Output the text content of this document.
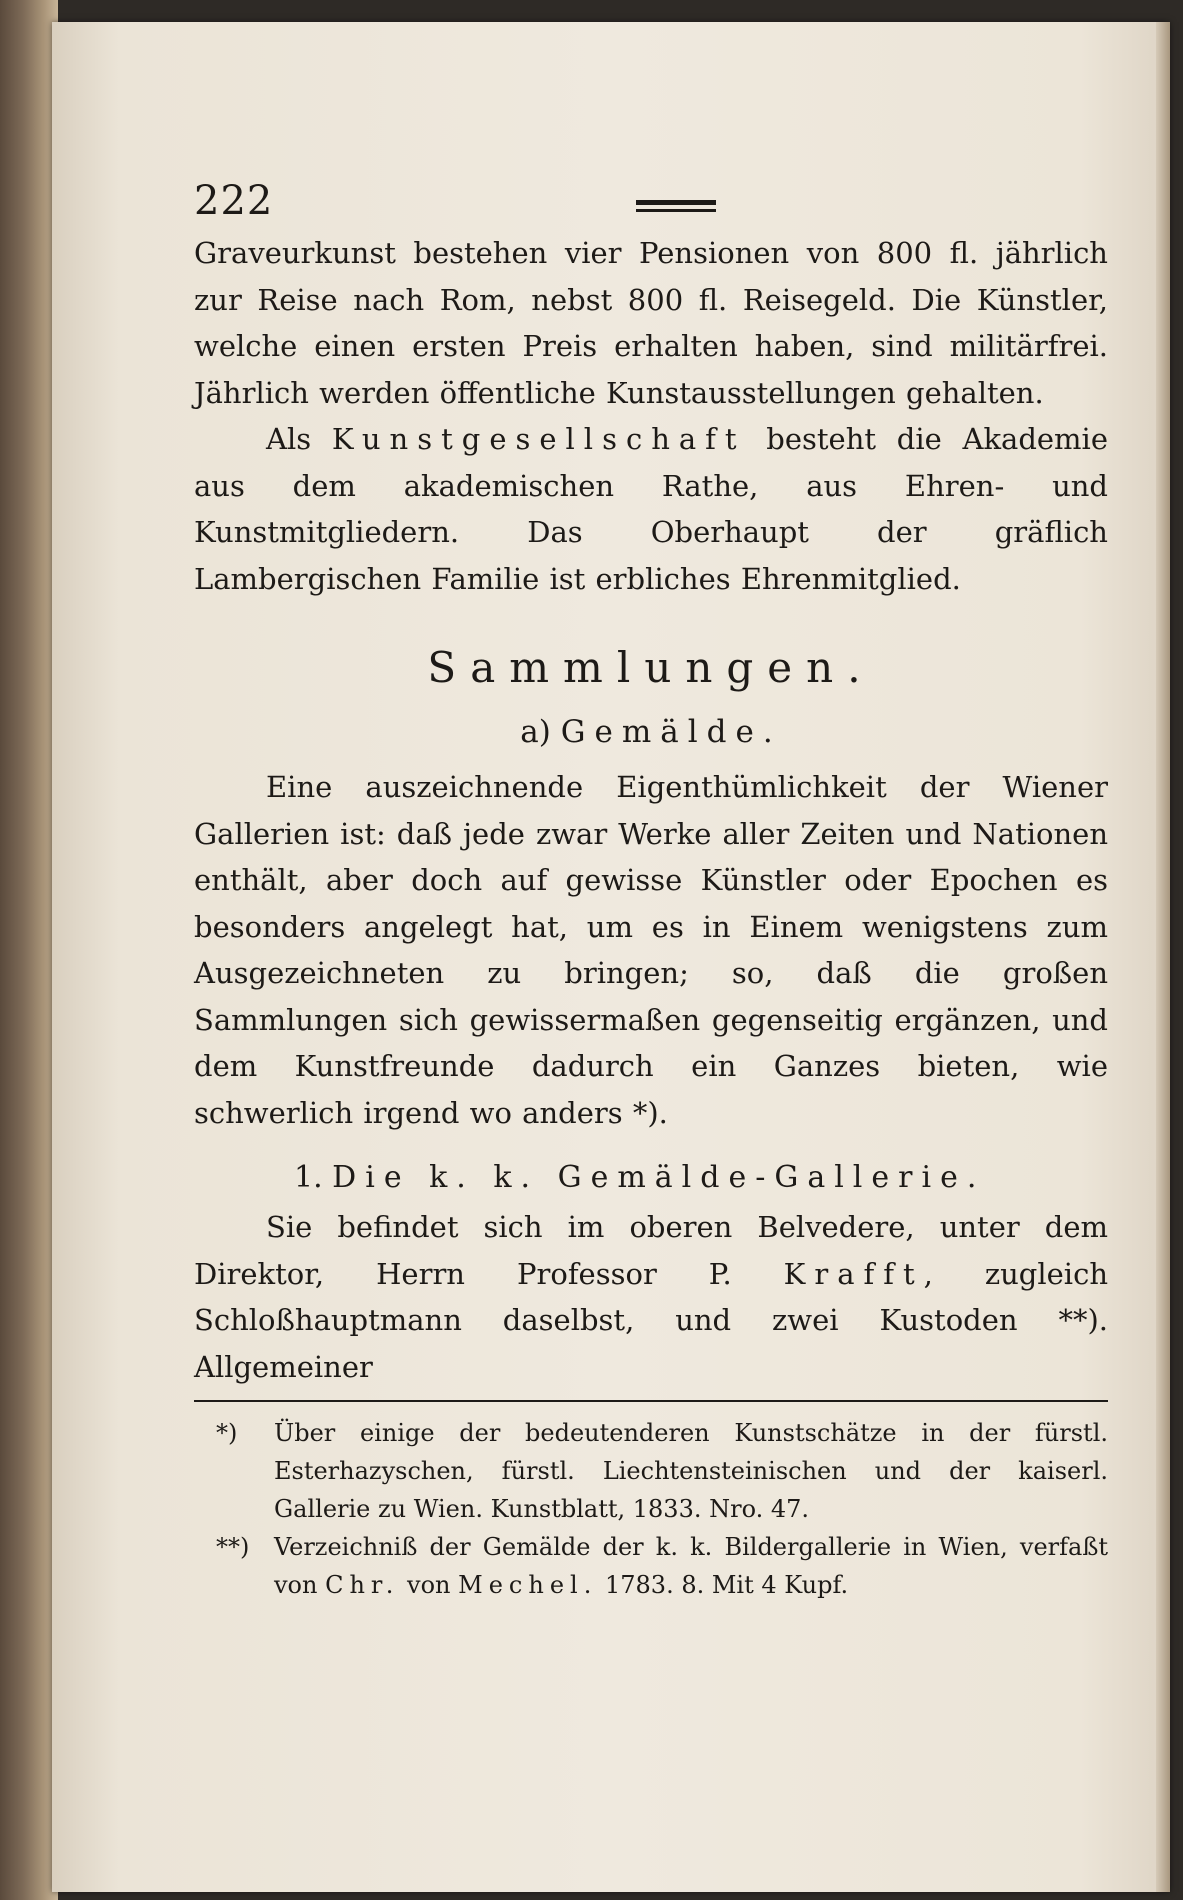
222

Graveurkunst bestehen vier Pensionen von 800 fl. jährlich zur Reise nach Rom, nebst 800 fl. Reisegeld. Die Künstler, welche einen ersten Preis erhalten haben, sind militärfrei. Jährlich werden öffentliche Kunstausstellungen gehalten.

Als Kunstgesellschaft besteht die Akademie aus dem akademischen Rathe, aus Ehren- und Kunstmitgliedern. Das Oberhaupt der gräflich Lambergischen Familie ist erbliches Ehrenmitglied.

Sammlungen.
a) Gemälde.

Eine auszeichnende Eigenthümlichkeit der Wiener Gallerien ist: daß jede zwar Werke aller Zeiten und Nationen enthält, aber doch auf gewisse Künstler oder Epochen es besonders angelegt hat, um es in Einem wenigstens zum Ausgezeichneten zu bringen; so, daß die großen Sammlungen sich gewissermaßen gegenseitig ergänzen, und dem Kunstfreunde dadurch ein Ganzes bieten, wie schwerlich irgend wo anders *).

1. Die k. k. Gemälde-Gallerie.

Sie befindet sich im oberen Belvedere, unter dem Direktor, Herrn Professor P. Krafft, zugleich Schloßhauptmann daselbst, und zwei Kustoden **). Allgemeiner

*) Über einige der bedeutenderen Kunstschätze in der fürstl. Esterhazyschen, fürstl. Liechtensteinischen und der kaiserl. Gallerie zu Wien. Kunstblatt, 1833. Nro. 47.

**) Verzeichniß der Gemälde der k. k. Bildergallerie in Wien, verfaßt von Chr. von Mechel. 1783. 8. Mit 4 Kupf.
